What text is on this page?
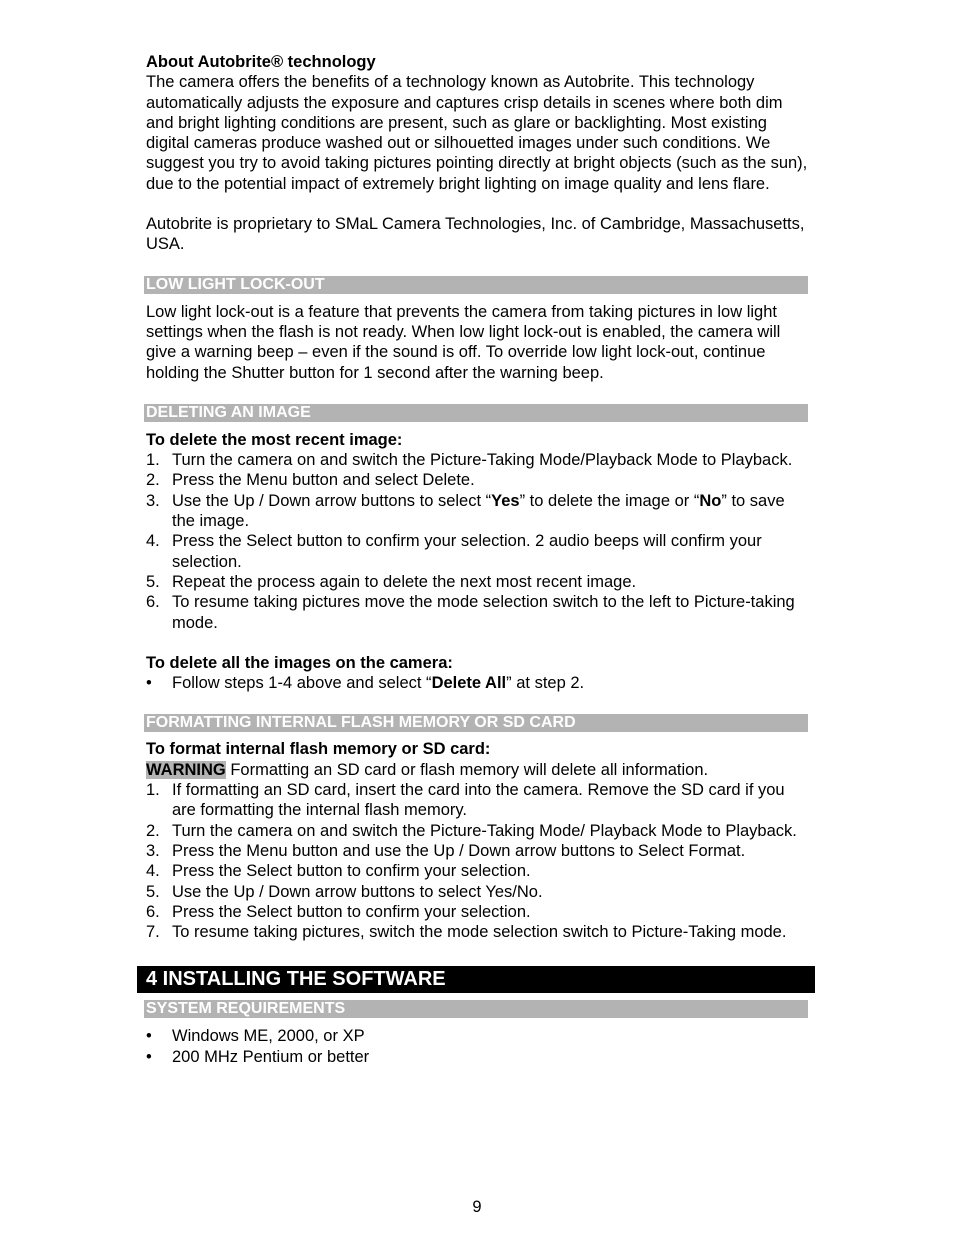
About Autobrite® technology

The camera offers the benefits of a technology known as Autobrite. This technology automatically adjusts the exposure and captures crisp details in scenes where both dim and bright lighting conditions are present, such as glare or backlighting. Most existing digital cameras produce washed out or silhouetted images under such conditions. We suggest you try to avoid taking pictures pointing directly at bright objects (such as the sun), due to the potential impact of extremely bright lighting on image quality and lens flare.

Autobrite is proprietary to SMaL Camera Technologies, Inc. of Cambridge, Massachusetts, USA.

LOW LIGHT LOCK-OUT

Low light lock-out is a feature that prevents the camera from taking pictures in low light settings when the flash is not ready. When low light lock-out is enabled, the camera will give a warning beep – even if the sound is off. To override low light lock-out, continue holding the Shutter button for 1 second after the warning beep.

DELETING AN IMAGE

To delete the most recent image:

1. Turn the camera on and switch the Picture-Taking Mode/Playback Mode to Playback.
2. Press the Menu button and select Delete.
3. Use the Up / Down arrow buttons to select “Yes” to delete the image or “No” to save the image.
4. Press the Select button to confirm your selection. 2 audio beeps will confirm your selection.
5. Repeat the process again to delete the next most recent image.
6. To resume taking pictures move the mode selection switch to the left to Picture-taking mode.

To delete all the images on the camera:

• Follow steps 1-4 above and select “Delete All” at step 2.
FORMATTING INTERNAL FLASH MEMORY OR SD CARD

To format internal flash memory or SD card:

WARNING Formatting an SD card or flash memory will delete all information.

1. If formatting an SD card, insert the card into the camera. Remove the SD card if you are formatting the internal flash memory.
2. Turn the camera on and switch the Picture-Taking Mode/ Playback Mode to Playback.
3. Press the Menu button and use the Up / Down arrow buttons to Select Format.
4. Press the Select button to confirm your selection.
5. Use the Up / Down arrow buttons to select Yes/No.
6. Press the Select button to confirm your selection.
7. To resume taking pictures, switch the mode selection switch to Picture-Taking mode.
4 INSTALLING THE SOFTWARE
SYSTEM REQUIREMENTS
• Windows ME, 2000, or XP
• 200 MHz Pentium or better
9
